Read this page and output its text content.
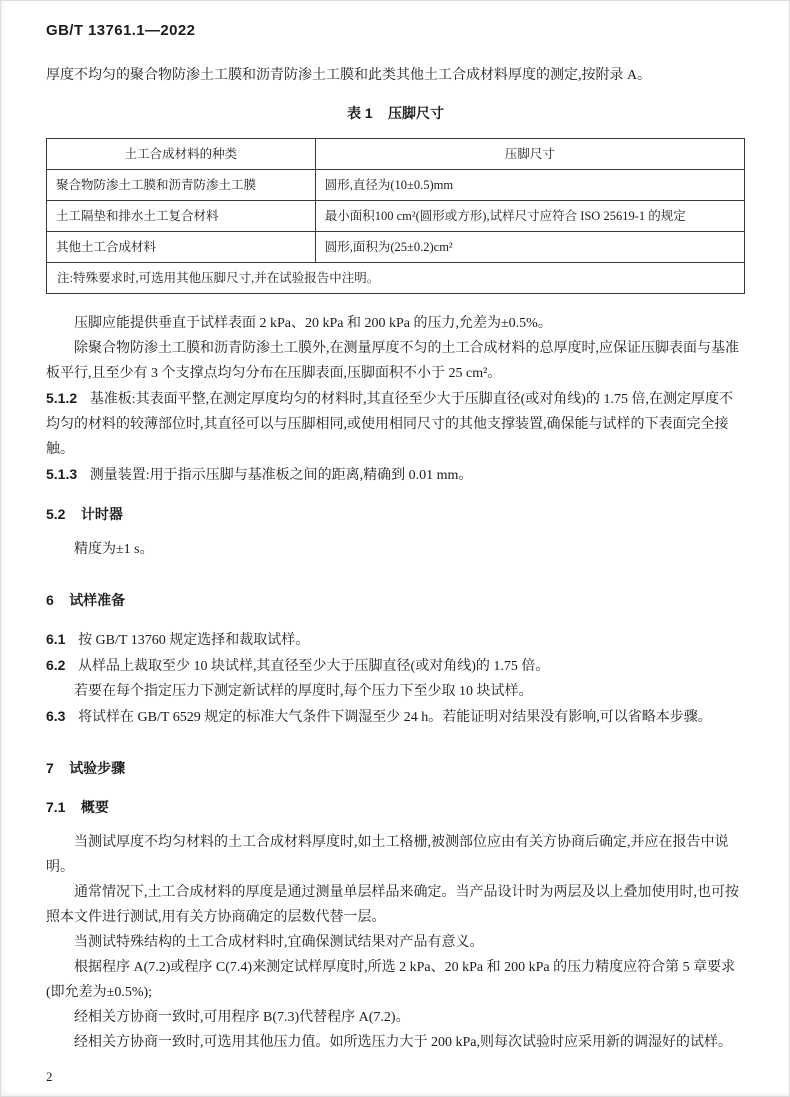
GB/T 13761.1—2022

厚度不均匀的聚合物防渗土工膜和沥青防渗土工膜和此类其他土工合成材料厚度的测定,按附录 A。

表 1 压脚尺寸
土工合成材料的种类	压脚尺寸
聚合物防渗土工膜和沥青防渗土工膜	圆形,直径为(10±0.5)mm
土工隔垫和排水土工复合材料	最小面积100 cm²(圆形或方形),试样尺寸应符合 ISO 25619-1 的规定
其他土工合成材料	圆形,面积为(25±0.2)cm²
注:特殊要求时,可选用其他压脚尺寸,并在试验报告中注明。	

压脚应能提供垂直于试样表面 2 kPa、20 kPa 和 200 kPa 的压力,允差为±0.5%。

除聚合物防渗土工膜和沥青防渗土工膜外,在测量厚度不匀的土工合成材料的总厚度时,应保证压脚表面与基准板平行,且至少有 3 个支撑点均匀分布在压脚表面,压脚面积不小于 25 cm²。

5.1.2 基准板:其表面平整,在测定厚度均匀的材料时,其直径至少大于压脚直径(或对角线)的 1.75 倍,在测定厚度不均匀的材料的较薄部位时,其直径可以与压脚相同,或使用相同尺寸的其他支撑装置,确保能与试样的下表面完全接触。

5.1.3 测量装置:用于指示压脚与基准板之间的距离,精确到 0.01 mm。

5.2 计时器

精度为±1 s。

6 试样准备

6.1 按 GB/T 13760 规定选择和裁取试样。

6.2 从样品上裁取至少 10 块试样,其直径至少大于压脚直径(或对角线)的 1.75 倍。

若要在每个指定压力下测定新试样的厚度时,每个压力下至少取 10 块试样。

6.3 将试样在 GB/T 6529 规定的标准大气条件下调湿至少 24 h。若能证明对结果没有影响,可以省略本步骤。

7 试验步骤
7.1 概要

当测试厚度不均匀材料的土工合成材料厚度时,如土工格栅,被测部位应由有关方协商后确定,并应在报告中说明。

通常情况下,土工合成材料的厚度是通过测量单层样品来确定。当产品设计时为两层及以上叠加使用时,也可按照本文件进行测试,用有关方协商确定的层数代替一层。

当测试特殊结构的土工合成材料时,宜确保测试结果对产品有意义。

根据程序 A(7.2)或程序 C(7.4)来测定试样厚度时,所选 2 kPa、20 kPa 和 200 kPa 的压力精度应符合第 5 章要求(即允差为±0.5%);

经相关方协商一致时,可用程序 B(7.3)代替程序 A(7.2)。

经相关方协商一致时,可选用其他压力值。如所选压力大于 200 kPa,则每次试验时应采用新的调湿好的试样。

2
